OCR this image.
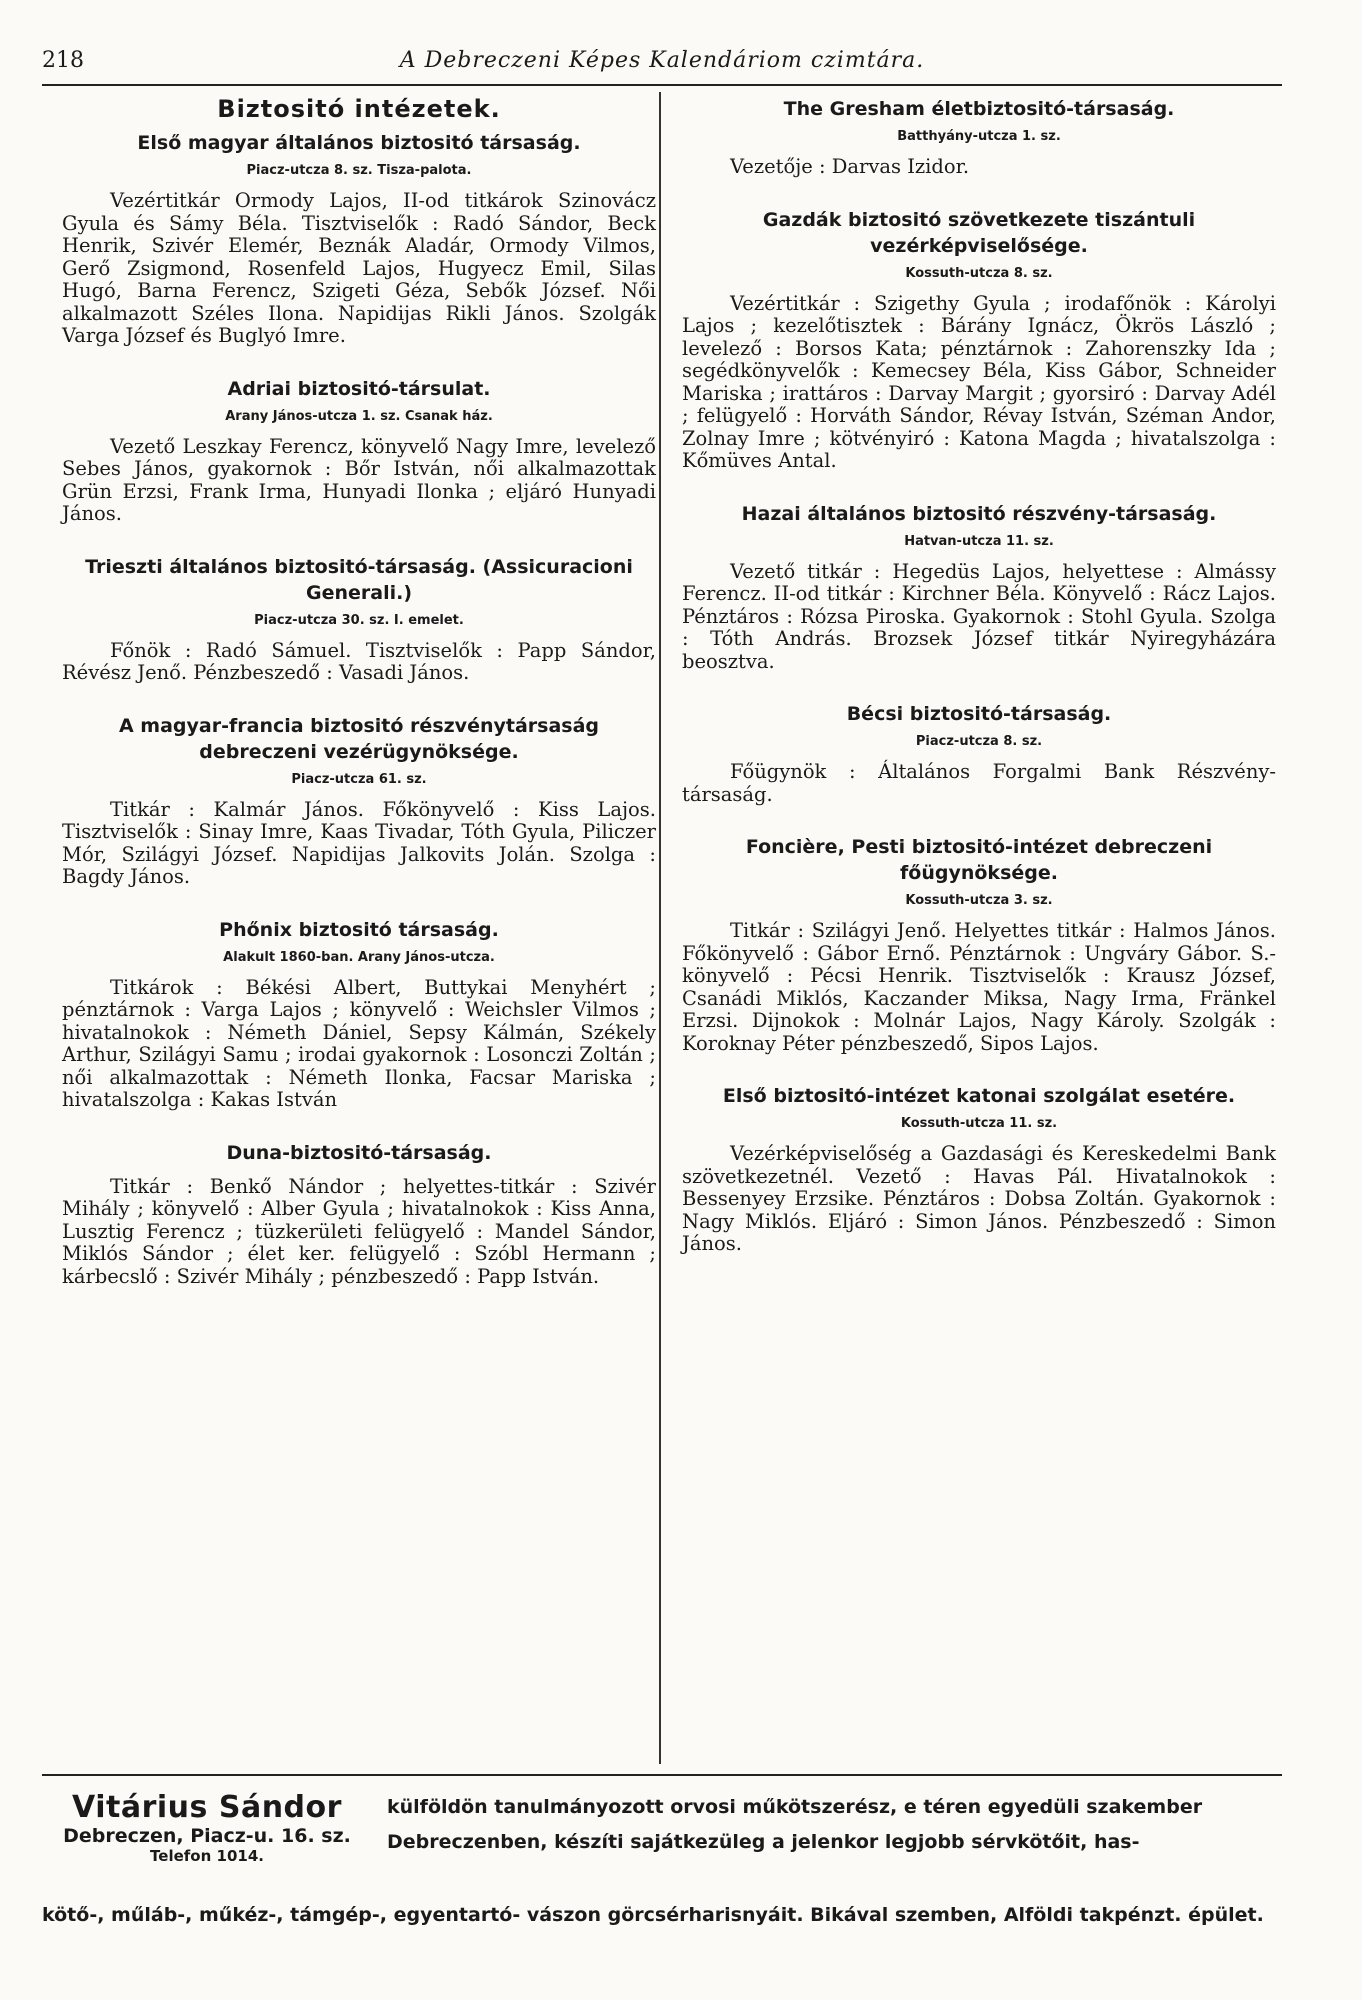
218	A Debreczeni Képes Kalendáriom czimtára.
Biztositó intézetek.

Első magyar általános biztositó társaság.

Piacz-utcza 8. sz. Tisza-palota.

Vezértitkár Ormody Lajos, II-od titkárok Szinovácz Gyula és Sámy Béla. Tisztviselők : Radó Sándor, Beck Henrik, Szivér Elemér, Beznák Aladár, Ormody Vilmos, Gerő Zsigmond, Rosenfeld Lajos, Hugyecz Emil, Silas Hugó, Barna Ferencz, Szigeti Géza, Sebők József. Női alkalmazott Széles Ilona. Napidijas Rikli János. Szolgák Varga József és Buglyó Imre.

Adriai biztositó-társulat.

Arany János-utcza 1. sz. Csanak ház.

Vezető Leszkay Ferencz, könyvelő Nagy Imre, levelező Sebes János, gyakornok : Bőr István, női alkalmazottak Grün Erzsi, Frank Irma, Hunyadi Ilonka ; eljáró Hunyadi János.

Trieszti általános biztositó-társaság. (Assicuracioni Generali.)

Piacz-utcza 30. sz. I. emelet.

Főnök : Radó Sámuel. Tisztviselők : Papp Sándor, Révész Jenő. Pénzbeszedő : Vasadi János.

A magyar-francia biztositó részvénytársaság debreczeni vezérügynöksége.

Piacz-utcza 61. sz.

Titkár : Kalmár János. Főkönyvelő : Kiss Lajos. Tisztviselők : Sinay Imre, Kaas Tivadar, Tóth Gyula, Piliczer Mór, Szilágyi József. Napidijas Jalkovits Jolán. Szolga : Bagdy János.

Phőnix biztositó társaság.

Alakult 1860-ban. Arany János-utcza.

Titkárok : Békési Albert, Buttykai Menyhért ; pénztárnok : Varga Lajos ; könyvelő : Weichsler Vilmos ; hivatalnokok : Németh Dániel, Sepsy Kálmán, Székely Arthur, Szilágyi Samu ; irodai gyakornok : Losonczi Zoltán ; női alkalmazottak : Németh Ilonka, Facsar Mariska ; hivatalszolga : Kakas István

Duna-biztositó-társaság.

Titkár : Benkő Nándor ; helyettes-titkár : Szivér Mihály ; könyvelő : Alber Gyula ; hivatalnokok : Kiss Anna, Lusztig Ferencz ; tüzkerületi felügyelő : Mandel Sándor, Miklós Sándor ; élet ker. felügyelő : Szóbl Hermann ; kárbecslő : Szivér Mihály ; pénzbeszedő : Papp István.

The Gresham életbiztositó-társaság.

Batthyány-utcza 1. sz.

Vezetője : Darvas Izidor.

Gazdák biztositó szövetkezete tiszántuli vezérképviselősége.

Kossuth-utcza 8. sz.

Vezértitkár : Szigethy Gyula ; irodafőnök : Károlyi Lajos ; kezelőtisztek : Bárány Ignácz, Ökrös László ; levelező : Borsos Kata; pénztárnok : Zahorenszky Ida ; segédkönyvelők : Kemecsey Béla, Kiss Gábor, Schneider Mariska ; irattáros : Darvay Margit ; gyorsiró : Darvay Adél ; felügyelő : Horváth Sándor, Révay István, Széman Andor, Zolnay Imre ; kötvényiró : Katona Magda ; hivatalszolga : Kőmüves Antal.

Hazai általános biztositó részvény-társaság.

Hatvan-utcza 11. sz.

Vezető titkár : Hegedüs Lajos, helyettese : Almássy Ferencz. II-od titkár : Kirchner Béla. Könyvelő : Rácz Lajos. Pénztáros : Rózsa Piroska. Gyakornok : Stohl Gyula. Szolga : Tóth András. Brozsek József titkár Nyiregyházára beosztva.

Bécsi biztositó-társaság.

Piacz-utcza 8. sz.

Főügynök : Általános Forgalmi Bank Részvény-társaság.

Foncière, Pesti biztositó-intézet debreczeni főügynöksége.

Kossuth-utcza 3. sz.

Titkár : Szilágyi Jenő. Helyettes titkár : Halmos János. Főkönyvelő : Gábor Ernő. Pénztárnok : Ungváry Gábor. S.-könyvelő : Pécsi Henrik. Tisztviselők : Krausz József, Csanádi Miklós, Kaczander Miksa, Nagy Irma, Fränkel Erzsi. Dijnokok : Molnár Lajos, Nagy Károly. Szolgák : Koroknay Péter pénzbeszedő, Sipos Lajos.

Első biztositó-intézet katonai szolgálat esetére.

Kossuth-utcza 11. sz.

Vezérképviselőség a Gazdasági és Kereskedelmi Bank szövetkezetnél. Vezető : Havas Pál. Hivatalnokok : Bessenyey Erzsike. Pénztáros : Dobsa Zoltán. Gyakornok : Nagy Miklós. Eljáró : Simon János. Pénzbeszedő : Simon János.

Vitárius Sándor
Debreczen, Piacz-u. 16. sz.
Telefon 1014.
külföldön tanulmányozott orvosi műkötszerész, e téren egyedüli szakember Debreczenben, készíti sajátkezüleg a jelenkor legjobb sérvkötőit, has-
kötő-, műláb-, műkéz-, támgép-, egyentartó- vászon görcsérharisnyáit. Bikával szemben, Alföldi takpénzt. épület.
